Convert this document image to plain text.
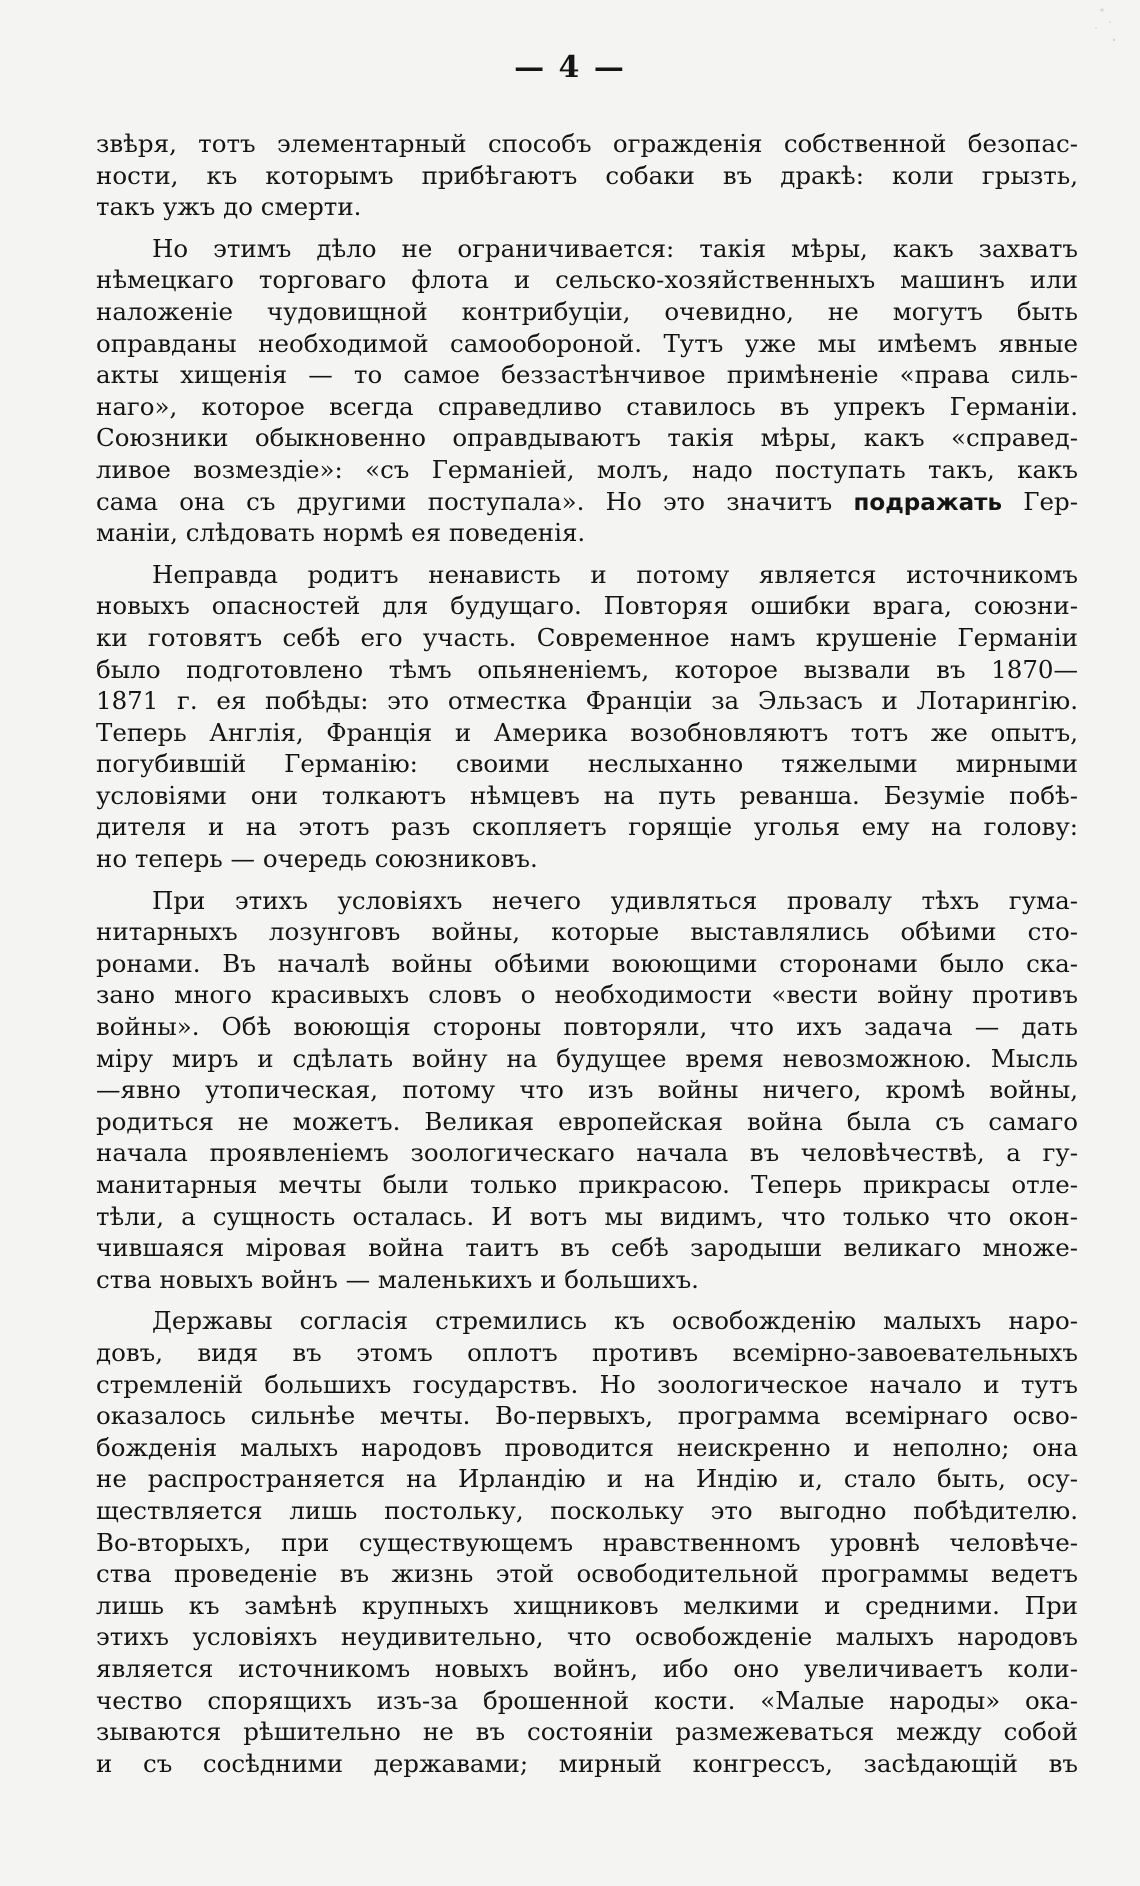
— 4 —
звѣря, тотъ элементарный способъ огражденія собственной безопас-
ности, къ которымъ прибѣгаютъ собаки въ дракѣ: коли грызть,
такъ ужъ до смерти.
Но этимъ дѣло не ограничивается: такія мѣры, какъ захватъ
нѣмецкаго торговаго флота и сельско-хозяйственныхъ машинъ или
наложеніе чудовищной контрибуціи, очевидно, не могутъ быть
оправданы необходимой самообороной. Тутъ уже мы имѣемъ явные
акты хищенія — то самое беззастѣнчивое примѣненіе «права силь-
наго», которое всегда справедливо ставилось въ упрекъ Германіи.
Союзники обыкновенно оправдываютъ такія мѣры, какъ «справед-
ливое возмездіе»: «съ Германіей, молъ, надо поступать такъ, какъ
сама она съ другими поступала». Но это значитъ подражать Гер-
маніи, слѣдовать нормѣ ея поведенія.
Неправда родитъ ненависть и потому является источникомъ
новыхъ опасностей для будущаго. Повторяя ошибки врага, союзни-
ки готовятъ себѣ его участь. Современное намъ крушеніе Германіи
было подготовлено тѣмъ опьяненіемъ, которое вызвали въ 1870—
1871 г. ея побѣды: это отместка Франціи за Эльзасъ и Лотарингію.
Теперь Англія, Франція и Америка возобновляютъ тотъ же опытъ,
погубившій Германію: своими неслыханно тяжелыми мирными
условіями они толкаютъ нѣмцевъ на путь реванша. Безуміе побѣ-
дителя и на этотъ разъ скопляетъ горящіе уголья ему на голову:
но теперь — очередь союзниковъ.
При этихъ условіяхъ нечего удивляться провалу тѣхъ гума-
нитарныхъ лозунговъ войны, которые выставлялись обѣими сто-
ронами. Въ началѣ войны обѣими воюющими сторонами было ска-
зано много красивыхъ словъ о необходимости «вести войну противъ
войны». Обѣ воюющія стороны повторяли, что ихъ задача — дать
міру миръ и сдѣлать войну на будущее время невозможною. Мысль
—явно утопическая, потому что изъ войны ничего, кромѣ войны,
родиться не можетъ. Великая европейская война была съ самаго
начала проявленіемъ зоологическаго начала въ человѣчествѣ, а гу-
манитарныя мечты были только прикрасою. Теперь прикрасы отле-
тѣли, а сущность осталась. И вотъ мы видимъ, что только что окон-
чившаяся міровая война таитъ въ себѣ зародыши великаго множе-
ства новыхъ войнъ — маленькихъ и большихъ.
Державы согласія стремились къ освобожденію малыхъ наро-
довъ, видя въ этомъ оплотъ противъ всеміpно-завоевательныхъ
стремленій большихъ государствъ. Но зоологическое начало и тутъ
оказалось сильнѣе мечты. Во-первыхъ, программа всемірнаго осво-
божденія малыхъ народовъ проводится неискренно и неполно; она
не распространяется на Ирландію и на Индію и, стало быть, осу-
ществляется лишь постольку, поскольку это выгодно побѣдителю.
Во-вторыхъ, при существующемъ нравственномъ уровнѣ человѣче-
ства проведеніе въ жизнь этой освободительной программы ведетъ
лишь къ замѣнѣ крупныхъ хищниковъ мелкими и средними. При
этихъ условіяхъ неудивительно, что освобожденіе малыхъ народовъ
является источникомъ новыхъ войнъ, ибо оно увеличиваетъ коли-
чество спорящихъ изъ-за брошенной кости. «Малые народы» ока-
зываются рѣшительно не въ состояніи размежеваться между собой
и съ сосѣдними державами; мирный конгрессъ, засѣдающій въ
